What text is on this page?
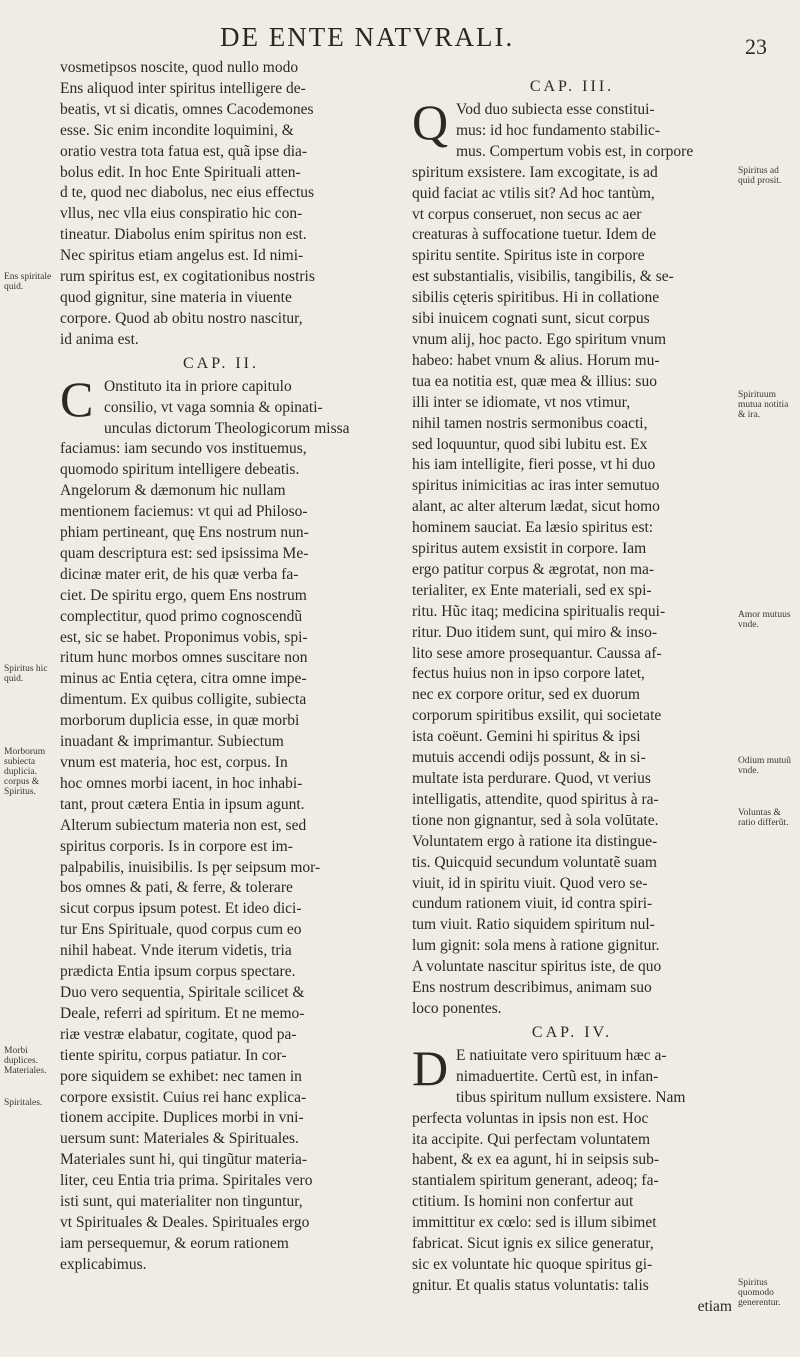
DE ENTE NATVRALI.	23
vosmetipsos noscite, quod nullo modo
Ens aliquod inter spiritus intelligere de-
beatis, vt si dicatis, omnes Cacodemones
esse. Sic enim incondite loquimini, &
oratio vestra tota fatua est, quã ipse dia-
bolus edit. In hoc Ente Spirituali atten-
d te, quod nec diabolus, nec eius effectus
vllus, nec vlla eius conspiratio hic con-
tineatur. Diabolus enim spiritus non est.
Nec spiritus etiam angelus est. Id nimi-
rum spiritus est, ex cogitationibus nostris
quod gignitur, sine materia in viuente
corpore. Quod ab obitu nostro nascitur,
id anima est.
CAP. II.
C Onstituto ita in priore capitulo
consilio, vt vaga somnia & opinati-
unculas dictorum Theologicorum missa
faciamus: iam secundo vos instituemus,
quomodo spiritum intelligere debeatis.
Angelorum & dæmonum hic nullam
mentionem faciemus: vt qui ad Philoso-
phiam pertineant, quę Ens nostrum nun-
quam descriptura est: sed ipsissima Me-
dicinæ mater erit, de his quæ verba fa-
ciet. De spiritu ergo, quem Ens nostrum
complectitur, quod primo cognoscendũ
est, sic se habet. Proponimus vobis, spi-
ritum hunc morbos omnes suscitare non
minus ac Entia cętera, citra omne impe-
dimentum. Ex quibus colligite, subiecta
morborum duplicia esse, in quæ morbi
inuadant & imprimantur. Subiectum
vnum est materia, hoc est, corpus. In
hoc omnes morbi iacent, in hoc inhabi-
tant, prout cætera Entia in ipsum agunt.
Alterum subiectum materia non est, sed
spiritus corporis. Is in corpore est im-
palpabilis, inuisibilis. Is pęr seipsum mor-
bos omnes & pati, & ferre, & tolerare
sicut corpus ipsum potest. Et ideo dici-
tur Ens Spirituale, quod corpus cum eo
nihil habeat. Vnde iterum videtis, tria
prædicta Entia ipsum corpus spectare.
Duo vero sequentia, Spiritale scilicet &
Deale, referri ad spiritum. Et ne memo-
riæ vestræ elabatur, cogitate, quod pa-
tiente spiritu, corpus patiatur. In cor-
pore siquidem se exhibet: nec tamen in
corpore exsistit. Cuius rei hanc explica-
tionem accipite. Duplices morbi in vni-
uersum sunt: Materiales & Spirituales.
Materiales sunt hi, qui tingũtur materia-
liter, ceu Entia tria prima. Spiritales vero
isti sunt, qui materialiter non tinguntur,
vt Spirituales & Deales. Spirituales ergo
iam persequemur, & eorum rationem
explicabimus.
CAP. III.
Q Vod duo subiecta esse constitui-
mus: id hoc fundamento stabilic-
mus. Compertum vobis est, in corpore
spiritum exsistere. Iam excogitate, is ad
quid faciat ac vtilis sit? Ad hoc tantùm,
vt corpus conseruet, non secus ac aer
creaturas à suffocatione tuetur. Idem de
spiritu sentite. Spiritus iste in corpore
est substantialis, visibilis, tangibilis, & se-
sibilis cęteris spiritibus. Hi in collatione
sibi inuicem cognati sunt, sicut corpus
vnum alij, hoc pacto. Ego spiritum vnum
habeo: habet vnum & alius. Horum mu-
tua ea notitia est, quæ mea & illius: suo
illi inter se idiomate, vt nos vtimur,
nihil tamen nostris sermonibus coacti,
sed loquuntur, quod sibi lubitu est. Ex
his iam intelligite, fieri posse, vt hi duo
spiritus inimicitias ac iras inter semutuo
alant, ac alter alterum lædat, sicut homo
hominem sauciat. Ea læsio spiritus est:
spiritus autem exsistit in corpore. Iam
ergo patitur corpus & ægrotat, non ma-
terialiter, ex Ente materiali, sed ex spi-
ritu. Hũc itaq; medicina spiritualis requi-
ritur. Duo itidem sunt, qui miro & inso-
lito sese amore prosequantur. Caussa af-
fectus huius non in ipso corpore latet,
nec ex corpore oritur, sed ex duorum
corporum spiritibus exsilit, qui societate
ista coëunt. Gemini hi spiritus & ipsi
mutuis accendi odijs possunt, & in si-
multate ista perdurare. Quod, vt verius
intelligatis, attendite, quod spiritus à ra-
tione non gignantur, sed à sola volūtate.
Voluntatem ergo à ratione ita distingue-
tis. Quicquid secundum voluntatẽ suam
viuit, id in spiritu viuit. Quod vero se-
cundum rationem viuit, id contra spiri-
tum viuit. Ratio siquidem spiritum nul-
lum gignit: sola mens à ratione gignitur.
A voluntate nascitur spiritus iste, de quo
Ens nostrum describimus, animam suo
loco ponentes.
CAP. IV.
D E natiuitate vero spirituum hæc a-
nimaduertite. Certũ est, in infan-
tibus spiritum nullum exsistere. Nam
perfecta voluntas in ipsis non est. Hoc
ita accipite. Qui perfectam voluntatem
habent, & ex ea agunt, hi in seipsis sub-
stantialem spiritum generant, adeoq; fa-
ctitium. Is homini non confertur aut
immittitur ex cœlo: sed is illum sibimet
fabricat. Sicut ignis ex silice generatur,
sic ex voluntate hic quoque spiritus gi-
gnitur. Et qualis status voluntatis: talis
etiam
Ens spiritale quid.
Spiritus hic quid.
Morborum subiecta duplicia. corpus & Spiritus.
Morbi duplices. Materiales.
Spiritales.
Spiritus ad quid prosit.
Spirituum mutua notitia & ira.
Amor mutuus vnde.
Odium mutuũ vnde.
Voluntas & ratio differũt.
Spiritus quomodo generentur.
